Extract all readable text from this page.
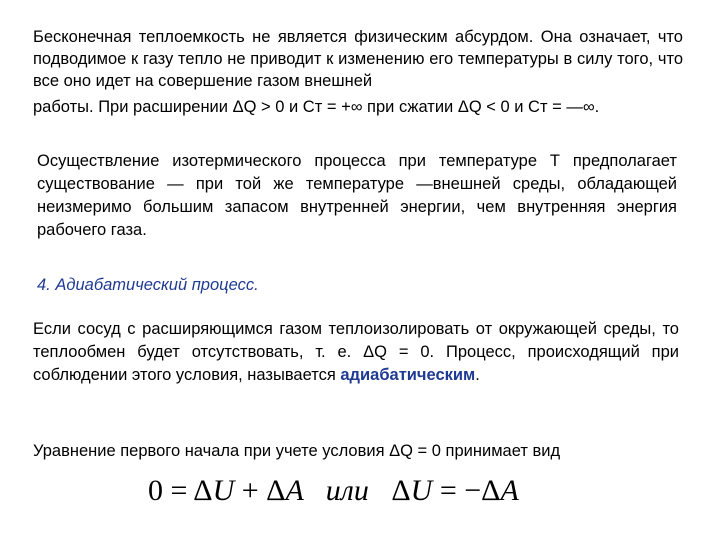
Бесконечная теплоемкость не является физическим абсурдом. Она означает, что подводимое к газу тепло не приводит к изменению его температуры в силу того, что все оно идет на совершение газом внешней
работы. При расширении ΔQ > 0 и Cт = +∞ при сжатии ΔQ < 0 и Cт = —∞.

Осуществление изотермического процесса при температуре Т предполагает существование — при той же температуре —внешней среды, обладающей неизмеримо большим запасом внутренней энергии, чем внутренняя энергия рабочего газа.

4. Адиабатический процесс.

Если сосуд с расширяющимся газом теплоизолировать от окружающей среды, то теплообмен будет отсутствовать, т. е. ΔQ = 0. Процесс, происходящий при соблюдении этого условия, называется адиабатическим.

Уравнение первого начала при учете условия ΔQ = 0 принимает вид

0 = ΔU + ΔA   или   ΔU = −ΔA
